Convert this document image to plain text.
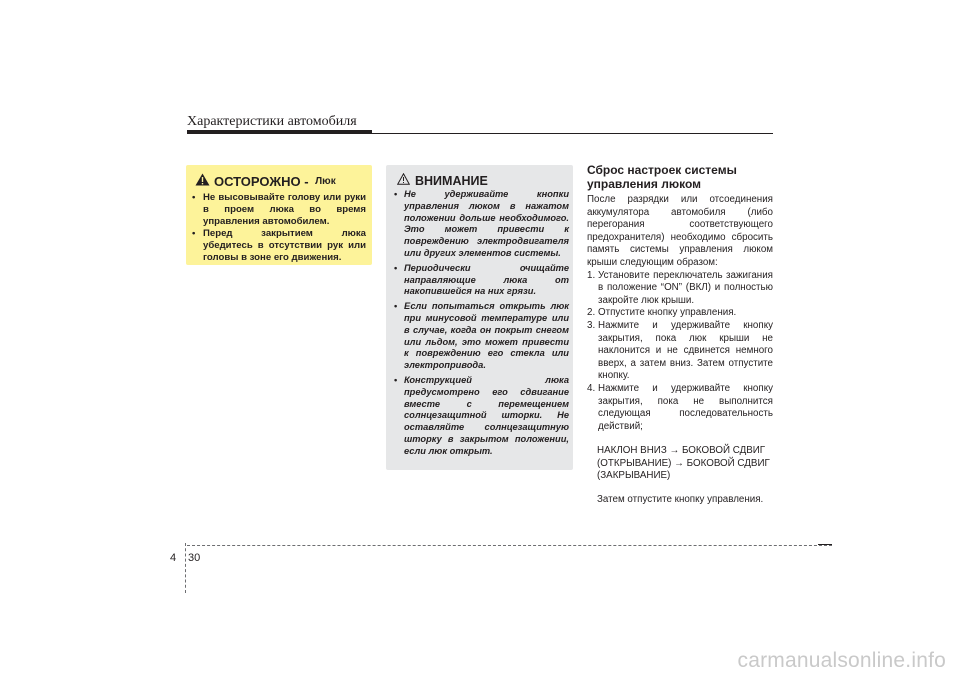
Характеристики автомобиля
ОСТОРОЖНО - Люк
• Не высовывайте голову или руки в проем люка во время управления автомобилем.
• Перед закрытием люка убедитесь в отсутствии рук или головы в зоне его движения.
ВНИМАНИЕ
• Не удерживайте кнопки управления люком в нажатом положении дольше необходимого. Это может привести к повреждению электродвигателя или других элементов системы.
• Периодически очищайте направляющие люка от накопившейся на них грязи.
• Если попытаться открыть люк при минусовой температуре или в случае, когда он покрыт снегом или льдом, это может привести к повреждению его стекла или электропривода.
• Конструкцией люка предусмотрено его сдвигание вместе с перемещением солнцезащитной шторки. Не оставляйте солнцезащитную шторку в закрытом положении, если люк открыт.
Сброс настроек системы управления люком

После разрядки или отсоединения аккумулятора автомобиля (либо перегорания соответствующего предохранителя) необходимо сбросить память системы управления люком крыши следующим образом:

1. Установите переключатель зажигания в положение “ON” (ВКЛ) и полностью закройте люк крыши.
2. Отпустите кнопку управления.
3. Нажмите и удерживайте кнопку закрытия, пока люк крыши не наклонится и не сдвинется немного вверх, а затем вниз. Затем отпустите кнопку.
4. Нажмите и удерживайте кнопку закрытия, пока не выполнится следующая последовательность действий;
НАКЛОН ВНИЗ → БОКОВОЙ СДВИГ (ОТКРЫВАНИЕ) → БОКОВОЙ СДВИГ (ЗАКРЫВАНИЕ)
Затем отпустите кнопку управления.
4 30
carmanualsonline.info
